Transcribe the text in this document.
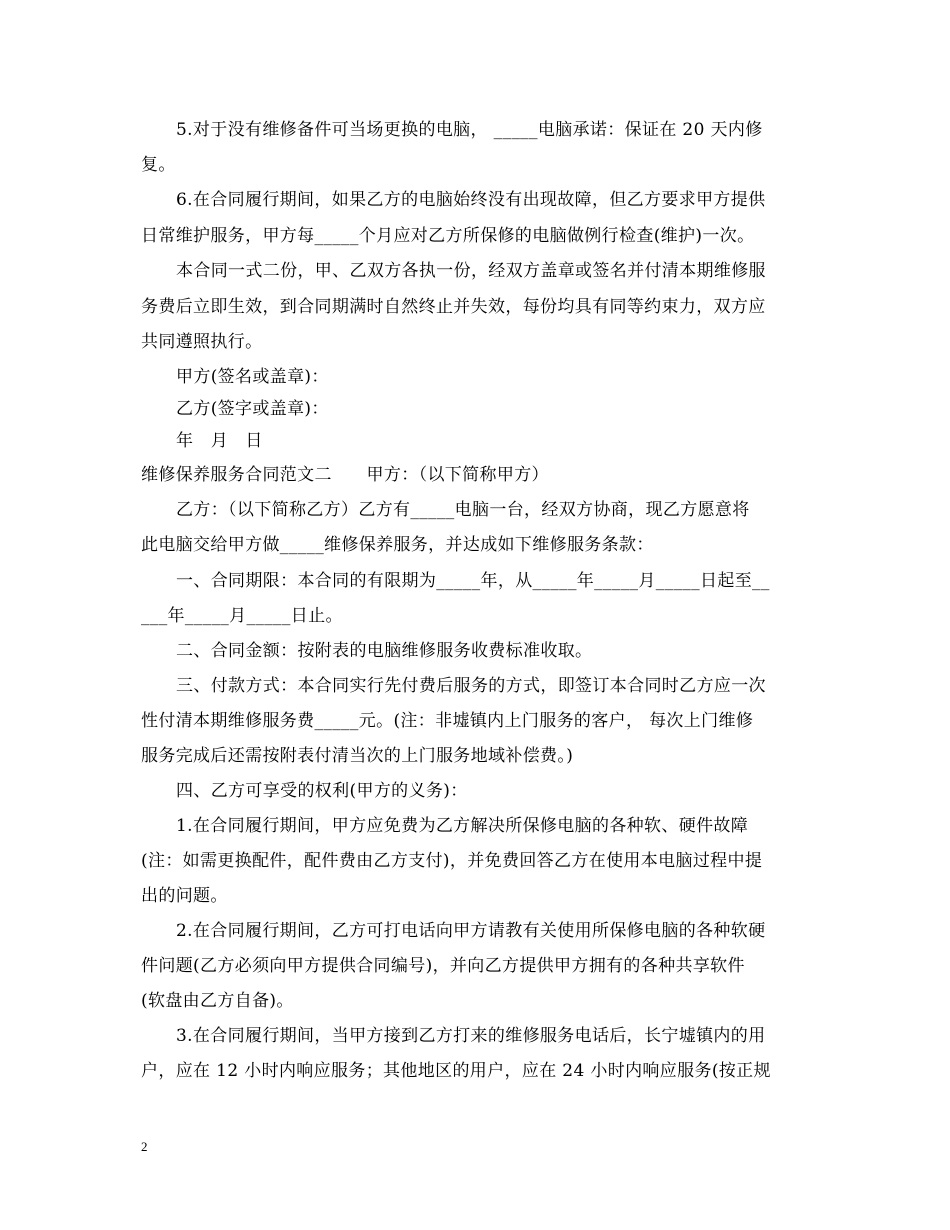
5.对于没有维修备件可当场更换的电脑， _____电脑承诺：保证在 20 天内修
复。
6.在合同履行期间，如果乙方的电脑始终没有出现故障，但乙方要求甲方提供
日常维护服务，甲方每_____个月应对乙方所保修的电脑做例行检查(维护)一次。
本合同一式二份，甲、乙双方各执一份，经双方盖章或签名并付清本期维修服
务费后立即生效，到合同期满时自然终止并失效，每份均具有同等约束力，双方应
共同遵照执行。
甲方(签名或盖章)：
乙方(签字或盖章)：
年　月　日
维修保养服务合同范文二　　甲方：（以下简称甲方）
乙方：（以下简称乙方）乙方有_____电脑一台，经双方协商，现乙方愿意将
此电脑交给甲方做_____维修保养服务，并达成如下维修服务条款：
一、合同期限：本合同的有限期为_____年，从_____年_____月_____日起至__
___年_____月_____日止。
二、合同金额：按附表的电脑维修服务收费标准收取。
三、付款方式：本合同实行先付费后服务的方式，即签订本合同时乙方应一次
性付清本期维修服务费_____元。(注：非墟镇内上门服务的客户， 每次上门维修
服务完成后还需按附表付清当次的上门服务地域补偿费。)
四、乙方可享受的权利(甲方的义务)：
1.在合同履行期间，甲方应免费为乙方解决所保修电脑的各种软、硬件故障
(注：如需更换配件，配件费由乙方支付)，并免费回答乙方在使用本电脑过程中提
出的问题。
2.在合同履行期间，乙方可打电话向甲方请教有关使用所保修电脑的各种软硬
件问题(乙方必须向甲方提供合同编号)，并向乙方提供甲方拥有的各种共享软件
(软盘由乙方自备)。
3.在合同履行期间，当甲方接到乙方打来的维修服务电话后，长宁墟镇内的用
户，应在 12 小时内响应服务；其他地区的用户，应在 24 小时内响应服务(按正规
2
